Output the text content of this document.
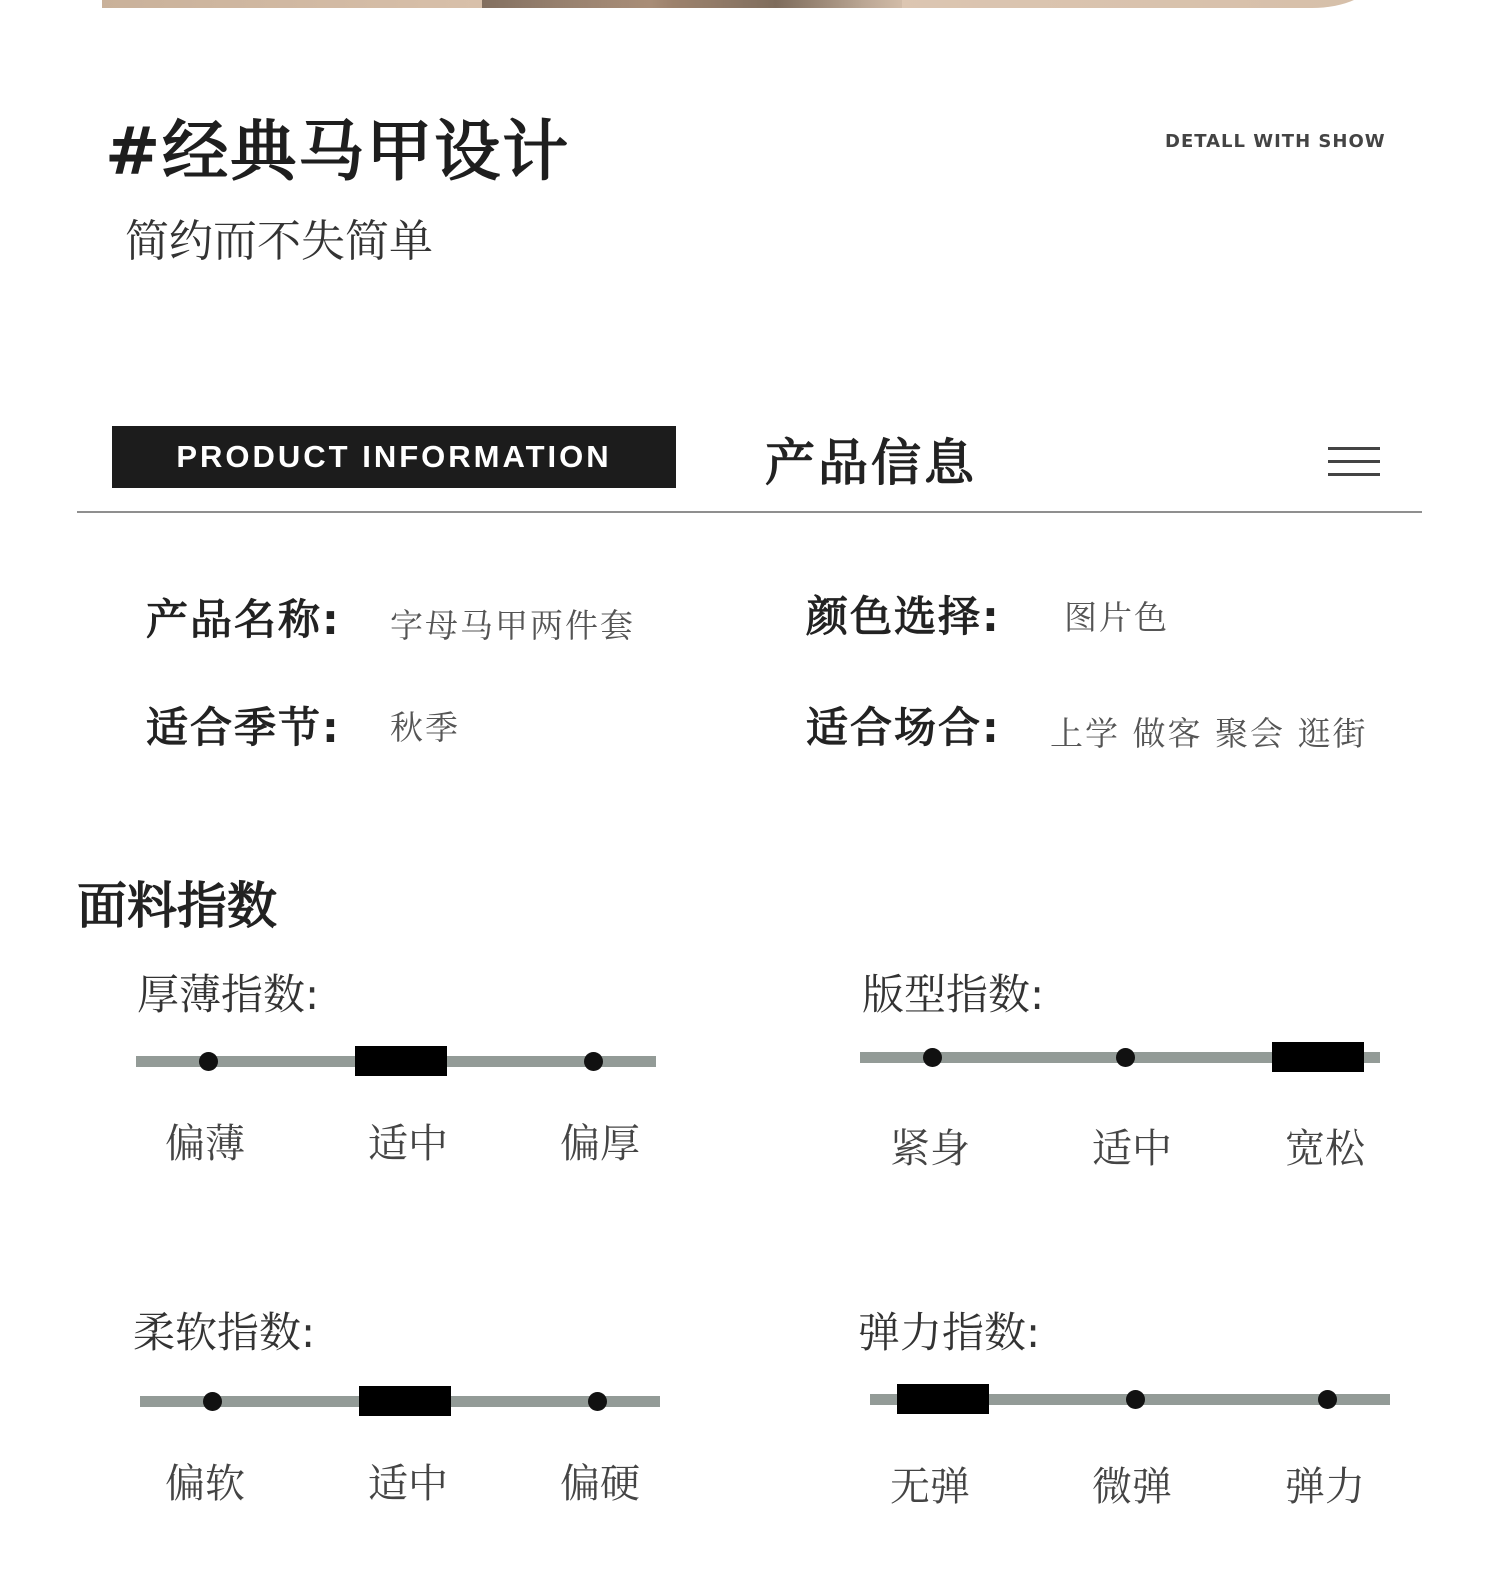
#经典马甲设计
简约而不失简单
DETALL WITH SHOW
PRODUCT INFORMATION	产品信息
产品名称: 字母马甲两件套	颜色选择: 图片色
适合季节: 秋季	适合场合: 上学 做客 聚会 逛街
面料指数
厚薄指数:
偏薄	适中	偏厚
版型指数:
紧身	适中	宽松
柔软指数:
偏软	适中	偏硬
弹力指数:
无弹	微弹	弹力
